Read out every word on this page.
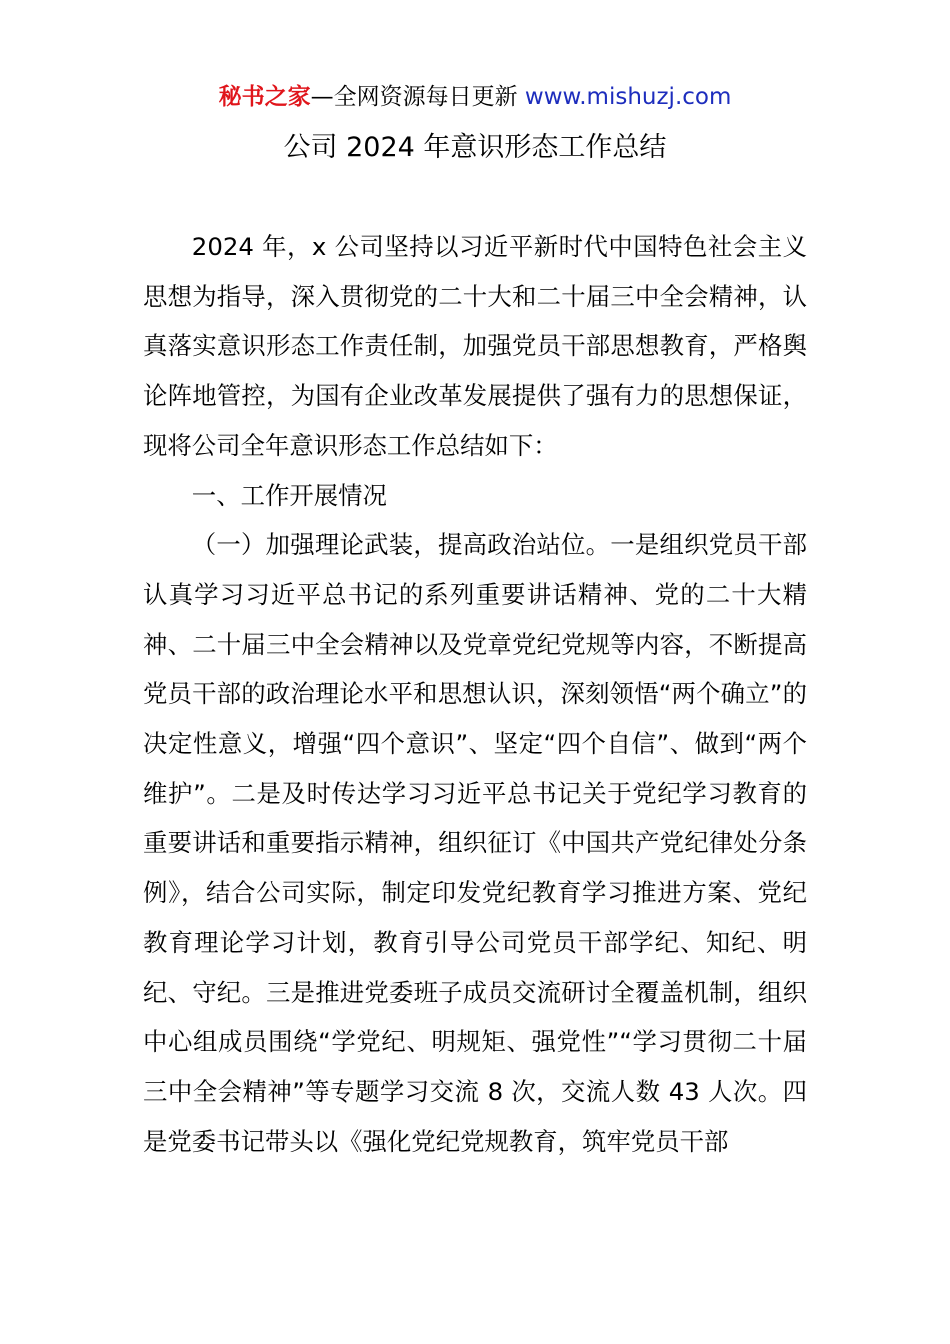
秘书之家—全网资源每日更新 www.mishuzj.com
公司 2024 年意识形态工作总结

2024 年，x 公司坚持以习近平新时代中国特色社会主义思想为指导，深入贯彻党的二十大和二十届三中全会精神，认真落实意识形态工作责任制，加强党员干部思想教育，严格舆论阵地管控，为国有企业改革发展提供了强有力的思想保证，现将公司全年意识形态工作总结如下：

一、工作开展情况

（一）加强理论武装，提高政治站位。一是组织党员干部认真学习习近平总书记的系列重要讲话精神、党的二十大精神、二十届三中全会精神以及党章党纪党规等内容，不断提高党员干部的政治理论水平和思想认识，深刻领悟“两个确立”的决定性意义，增强“四个意识”、坚定“四个自信”、做到“两个维护”。二是及时传达学习习近平总书记关于党纪学习教育的重要讲话和重要指示精神，组织征订《中国共产党纪律处分条例》，结合公司实际，制定印发党纪教育学习推进方案、党纪教育理论学习计划，教育引导公司党员干部学纪、知纪、明纪、守纪。三是推进党委班子成员交流研讨全覆盖机制，组织中心组成员围绕“学党纪、明规矩、强党性”“学习贯彻二十届三中全会精神”等专题学习交流 8 次，交流人数 43 人次。四是党委书记带头以《强化党纪党规教育，筑牢党员干部
